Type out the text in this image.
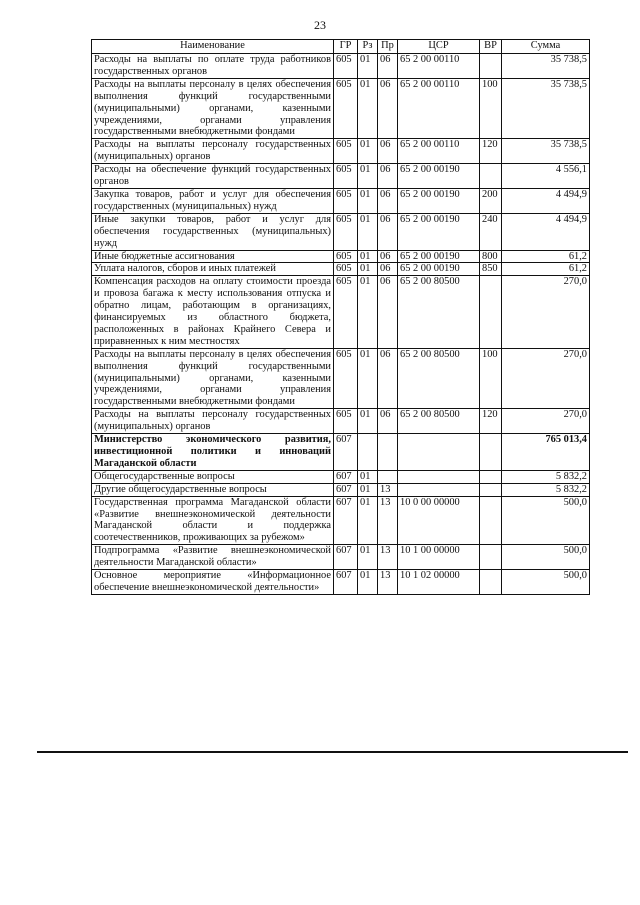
23
Наименование	ГР	Рз	Пр	ЦСР	ВР	Сумма
Расходы на выплаты по оплате труда работников государственных органов	605	01	06	65 2 00 00110		35 738,5
Расходы на выплаты персоналу в целях обеспечения выполнения функций государственными (муниципальными) органами, казенными учреждениями, органами управления государственными внебюджетными фондами	605	01	06	65 2 00 00110	100	35 738,5
Расходы на выплаты персоналу государственных (муниципальных) органов	605	01	06	65 2 00 00110	120	35 738,5
Расходы на обеспечение функций государственных органов	605	01	06	65 2 00 00190		4 556,1
Закупка товаров, работ и услуг для обеспечения государственных (муниципальных) нужд	605	01	06	65 2 00 00190	200	4 494,9
Иные закупки товаров, работ и услуг для обеспечения государственных (муниципальных) нужд	605	01	06	65 2 00 00190	240	4 494,9
Иные бюджетные ассигнования	605	01	06	65 2 00 00190	800	61,2
Уплата налогов, сборов и иных платежей	605	01	06	65 2 00 00190	850	61,2
Компенсация расходов на оплату стоимости проезда и провоза багажа к месту использования отпуска и обратно лицам, работающим в организациях, финансируемых из областного бюджета, расположенных в районах Крайнего Севера и приравненных к ним местностях	605	01	06	65 2 00 80500		270,0
Расходы на выплаты персоналу в целях обеспечения выполнения функций государственными (муниципальными) органами, казенными учреждениями, органами управления государственными внебюджетными фондами	605	01	06	65 2 00 80500	100	270,0
Расходы на выплаты персоналу государственных (муниципальных) органов	605	01	06	65 2 00 80500	120	270,0
Министерство экономического развития, инвестиционной политики и инноваций Магаданской области	607					765 013,4
Общегосударственные вопросы	607	01				5 832,2
Другие общегосударственные вопросы	607	01	13			5 832,2
Государственная программа Магаданской области «Развитие внешнеэкономической деятельности Магаданской области и поддержка соотечественников, проживающих за рубежом»	607	01	13	10 0 00 00000		500,0
Подпрограмма «Развитие внешнеэкономической деятельности Магаданской области»	607	01	13	10 1 00 00000		500,0
Основное мероприятие «Информационное обеспечение внешнеэкономической деятельности»	607	01	13	10 1 02 00000		500,0
